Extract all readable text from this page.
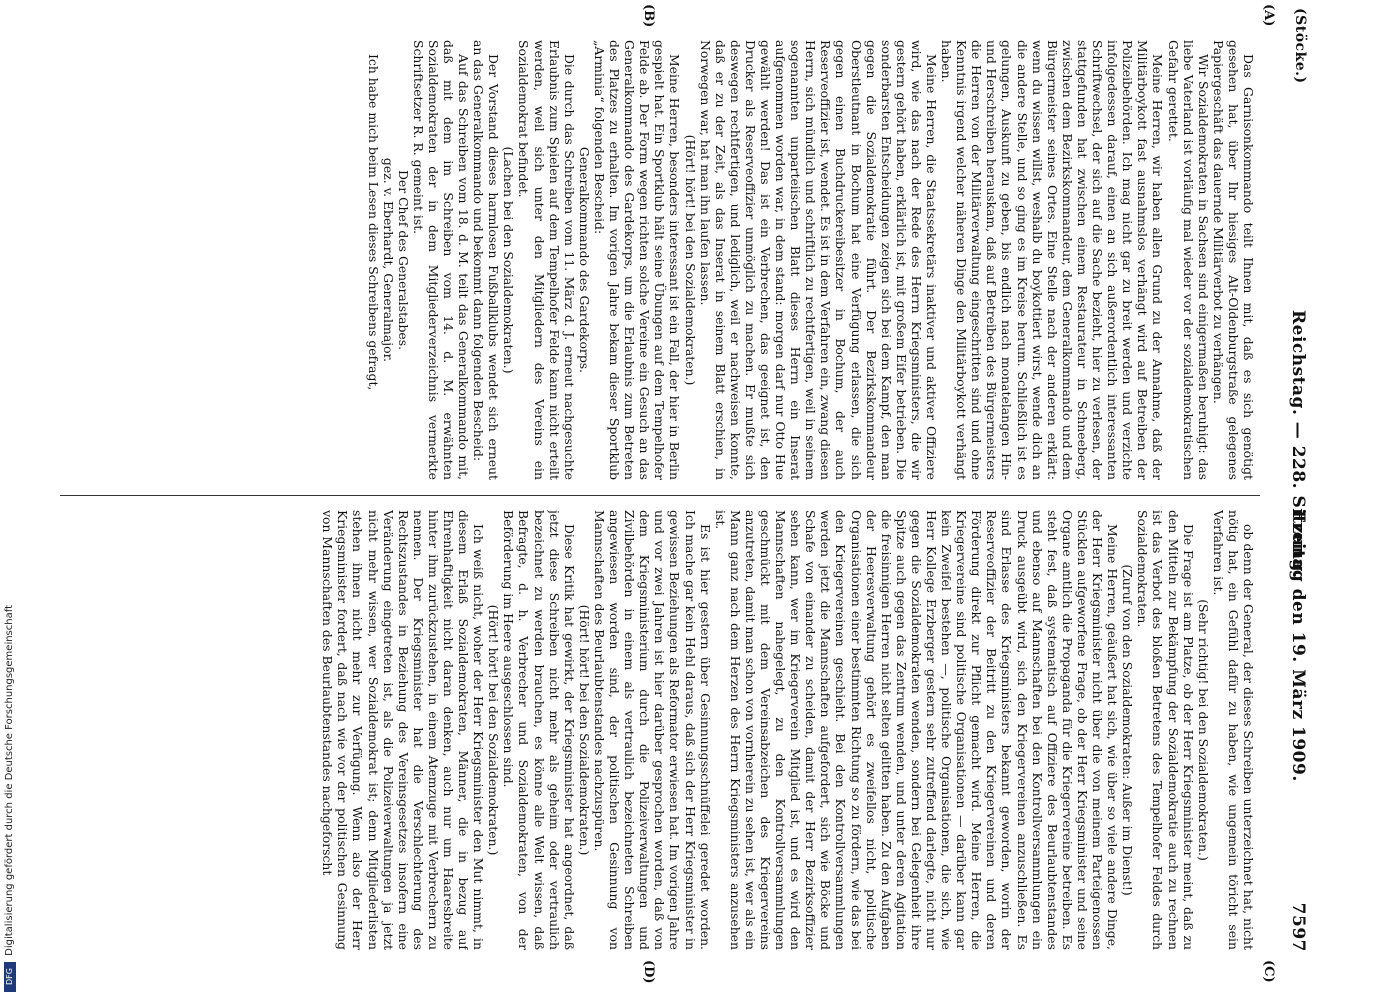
(Stöcke.)
Reichstag. — 228. Sitzung.
Freitag den 19. März 1909.
7597
(A)
(C)
(B)
(D)

Das Garnisonkommando teilt Ihnen mit, daß es sich genötigt gesehen hat, über Ihr hiesiges Alt-Oldenburgstraße gelegenes Papiergeschäft das dauernde Militärverbot zu verhängen.

Wir Sozialdemokraten in Sachsen sind einigermaßen beruhigt: das liebe Vaterland ist vorläufig mal wieder vor der sozialdemokratischen Gefahr gerettet.

Meine Herren, wir haben allen Grund zu der Annahme, daß der Militärboykott fast ausnahmslos verhängt wird auf Betreiben der Polizeibehörden. Ich mag nicht gar zu breit werden und verzichte infolgedessen darauf, einen an sich außerordentlich interessanten Schriftwechsel, der sich auf die Sache bezieht, hier zu verlesen, der stattgefunden hat zwischen einem Restaurateur in Schneeberg, zwischen dem Bezirkskommandeur, dem Generalkommando und dem Bürgermeister seines Ortes. Eine Stelle nach der anderen erklärt: wenn du wissen willst, weshalb du boykottiert wirst, wende dich an die andere Stelle, und so ging es im Kreise herum. Schließlich ist es gelungen, Auskunft zu geben, bis endlich nach monatelangen Hin- und Herschreiben herauskam, daß auf Betreiben des Bürgermeisters die Herren von der Militärverwaltung eingeschritten sind und ohne Kenntnis irgend welcher näheren Dinge den Militärboykott verhängt haben.

Meine Herren, die Staatssekretärs inaktiver und aktiver Offiziere wird, wie das nach der Rede des Herrn Kriegsministers, die wir gestern gehört haben, erklärlich ist, mit großem Eifer betrieben. Die sonderbarsten Entscheidungen zeigen sich bei dem Kampf, den man gegen die Sozialdemokratie führt. Der Bezirkskommandeur Oberstleutnant in Bochum hat eine Verfügung erlassen, die sich gegen einen Buchdruckereibesitzer in Bochum, der auch Reserveoffizier ist, wendet. Es ist in dem Verfahren ein, zwang diesen Herrn, sich mündlich und schriftlich zu rechtfertigen, weil in seinem sogenannten unparteiischen Blatt dieses Herrn ein Inserat aufgenommen worden war, in dem stand: morgen darf nur Otto Hue gewählt werden! Das ist ein Verbrechen, das geeignet ist, den Drucker als Reserveoffizier unmöglich zu machen. Er mußte sich deswegen rechtfertigen, und lediglich, weil er nachweisen konnte, daß er zu der Zeit, als das Inserat in seinem Blatt erschien, in Norwegen war, hat man ihn laufen lassen.

(Hört! hört! bei den Sozialdemokraten.)

Meine Herren, besonders interessant ist ein Fall, der hier in Berlin gespielt hat. Ein Sportklub hält seine Übungen auf dem Tempelhofer Felde ab. Der Form wegen richten solche Vereine ein Gesuch an das Generalkommando des Gardekorps, um die Erlaubnis zum Betreten des Platzes zu erhalten. Im vorigen Jahre bekam dieser Sportklub „Arminia“ folgenden Bescheid:

Generalkommando des Gardekorps.

Die durch das Schreiben vom 11. März d. J. erneut nachgesuchte Erlaubnis zum Spielen auf dem Tempelhofer Felde kann nicht erteilt werden, weil sich unter den Mitgliedern des Vereins ein Sozialdemokrat befindet.

(Lachen bei den Sozialdemokraten.)

Der Vorstand dieses harmlosen Fußballklubs wendet sich erneut an das Generalkommando und bekommt dann folgenden Bescheid:

Auf das Schreiben vom 18. d. M. teilt das Generalkommando mit, daß mit dem im Schreiben vom 14. d. M. erwähnten Sozialdemokraten der in dem Mitgliederverzeichnis vermerkte Schriftsetzer R. R. gemeint ist.

Der Chef des Generalstabes.

gez. v. Eberhardt, Generalmajor.

Ich habe mich beim Lesen dieses Schreibens gefragt,

ob denn der General, der dieses Schreiben unterzeichnet hat, nicht nötig hat, ein Gefühl dafür zu haben, wie ungemein töricht sein Verfahren ist.

(Sehr richtig! bei den Sozialdemokraten.)

Die Frage ist am Platze, ob der Herr Kriegsminister meint, daß zu den Mitteln zur Bekämpfung der Sozialdemokratie auch zu rechnen ist das Verbot des bloßen Betretens des Tempelhofer Feldes durch Sozialdemokraten.

(Zuruf von den Sozialdemokraten: Außer im Dienst!)

Meine Herren, geäußert hat sich, wie über so viele andere Dinge, der Herr Kriegsminister nicht über die von meinem Parteigenossen Stücklen aufgeworfene Frage, ob der Herr Kriegsminister und seine Organe amtlich die Propaganda für die Kriegervereine betreiben. Es steht fest, daß systematisch auf Offiziere des Beurlaubtenstandes und ebenso auf Mannschaften bei den Kontrollversammlungen ein Druck ausgeübt wird, sich den Kriegervereinen anzuschließen. Es sind Erlasse des Kriegsministers bekannt geworden, worin der Reserveoffizier der Beitritt zu den Kriegervereinen und deren Förderung direkt zur Pflicht gemacht wird. Meine Herren, die Kriegervereine sind politische Organisationen — darüber kann gar kein Zweifel bestehen —, politische Organisationen, die sich, wie Herr Kollege Erzberger gestern sehr zutreffend darlegte, nicht nur gegen die Sozialdemokraten wenden, sondern bei Gelegenheit ihre Spitze auch gegen das Zentrum wenden, und unter deren Agitation die freisinnigen Herren nicht selten gelitten haben. Zu den Aufgaben der Heeresverwaltung gehört es zweifellos nicht, politische Organisationen einer bestimmten Richtung so zu fördern, wie das bei den Kriegervereinen geschieht. Bei den Kontrollversammlungen werden jetzt die Mannschaften aufgefordert, sich wie Böcke und Schafe von einander zu scheiden, damit der Herr Bezirksoffizier sehen kann, wer im Kriegerverein Mitglied ist, und es wird den Mannschaften nahegelegt, zu den Kontrollversammlungen geschmückt mit dem Vereinsabzeichen des Kriegervereins anzutreten, damit man schon von vornherein zu sehen ist, wer als ein Mann ganz nach dem Herzen des Herrn Kriegsministers anzusehen ist.

Es ist hier gestern über Gesinnungsschnüffelei geredet worden. Ich mache gar kein Hehl daraus, daß sich der Herr Kriegsminister in gewissen Beziehungen als Reformator erwiesen hat. Im vorigen Jahre und vor zwei Jahren ist hier darüber gesprochen worden, daß von dem Kriegsministerium durch die Polizeiverwaltungen und Zivilbehörden in einem als vertraulich bezeichneten Schreiben angewiesen worden sind, der politischen Gesinnung von Mannschaften des Beurlaubtenstandes nachzuspüren.

(Hört! hört! bei den Sozialdemokraten.)

Diese Kritik hat gewirkt, der Kriegsminister hat angeordnet, daß jetzt diese Schreiben nicht mehr als geheim oder vertraulich bezeichnet zu werden brauchen, es könne alle Welt wissen, daß Befragte, d. h. Verbrecher und Sozialdemokraten, von der Beförderung im Heere ausgeschlossen sind.

(Hört! hört! bei den Sozialdemokraten.)

Ich weiß nicht, woher der Herr Kriegsminister den Mut nimmt, in diesem Erlaß Sozialdemokraten, Männer, die in bezug auf Ehrenhaftigkeit nicht daran denken, auch nur um Haaresbreite hinter ihm zurückzustehen, in einem Atemzuge mit Verbrechern zu nennen. Der Kriegsminister hat die Verschlechterung des Rechtszustandes in Beziehung des Vereinsgesetzes insofern eine Veränderung eingetreten ist, als die Polizeiverwaltungen ja jetzt nicht mehr wissen, wer Sozialdemokrat ist; denn Mitgliederlisten stehen ihnen nicht mehr zur Verfügung. Wenn also der Herr Kriegsminister fordert, daß nach wie vor der politischen Gesinnung von Mannschaften des Beurlaubtenstandes nachgeforscht

Digitalisierung gefördert durch die Deutsche Forschungsgemeinschaft
DFG
